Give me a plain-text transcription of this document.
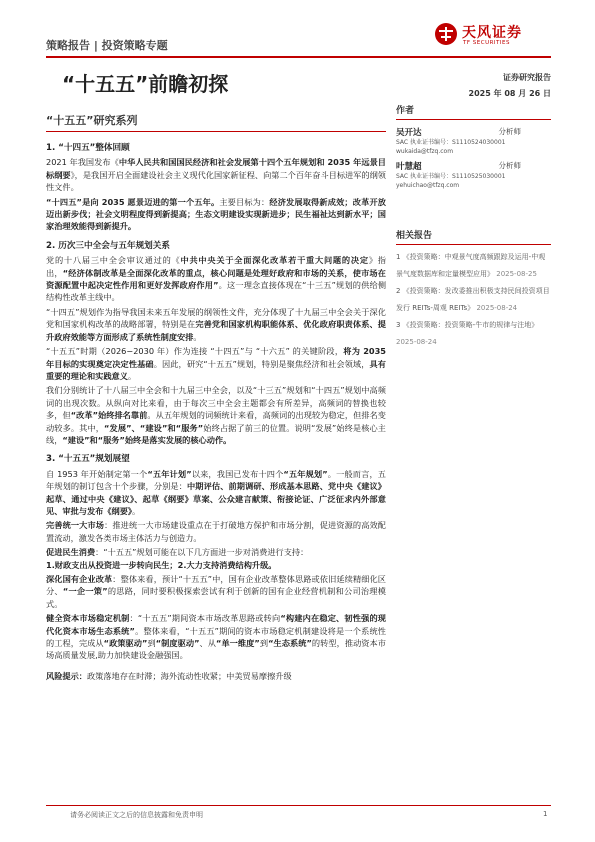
策略报告 | 投资策略专题
天风证券
TF SECURITIES
“十五五”前瞻初探	证券研究报告
2025 年 08 月 26 日
“十五五”研究系列
作者
吴开达	分析师
SAC 执业证书编号：S1110524030001
wukaida@tfzq.com
叶慧超	分析师
SAC 执业证书编号：S1110525030001
yehuichao@tfzq.com
相关报告
1 《投资策略：中观景气度高频跟踪及运用-中观景气度数据库和定量模型应用》 2025-08-25
2 《投资策略：发改委推出积极支持民间投资项目发行 REITs-周观 REITs》 2025-08-24
3 《投资策略：投资策略-牛市的规律与注地》 2025-08-24
1. “十四五”整体回顾

2021 年我国发布《中华人民共和国国民经济和社会发展第十四个五年规划和 2035 年远景目标纲要》，是我国开启全面建设社会主义现代化国家新征程、向第二个百年奋斗目标进军的纲领性文件。

“十四五”是向 2035 愿景迈进的第一个五年。主要目标为：经济发展取得新成效；改革开放迈出新步伐；社会文明程度得到新提高；生态文明建设实现新进步；民生福祉达到新水平；国家治理效能得到新提升。

2. 历次三中全会与五年规划关系

党的十八届三中全会审议通过的《中共中央关于全面深化改革若干重大问题的决定》指出，“经济体制改革是全面深化改革的重点，核心问题是处理好政府和市场的关系，使市场在资源配置中起决定性作用和更好发挥政府作用”。这一理念直接体现在“十三五”规划的供给侧结构性改革主线中。

“十四五”规划作为指导我国未来五年发展的纲领性文件，充分体现了十九届三中全会关于深化党和国家机构改革的战略部署，特别是在完善党和国家机构职能体系、优化政府职责体系、提升政府效能等方面形成了系统性制度安排。

“十五五”时期（2026−2030 年）作为连接 “十四五”与 “十六五” 的关键阶段，将为 2035 年目标的实现奠定决定性基础。因此，研究“十五五”规划，特别是聚焦经济和社会领域，具有重要的理论和实践意义。

我们分别统计了十八届三中全会和十九届三中全会，以及“十三五”规划和“十四五”规划中高频词的出现次数。从纵向对比来看，由于每次三中全会主题都会有所差异，高频词的替换也较多，但“改革”始终排名靠前。从五年规划的词频统计来看，高频词的出现较为稳定，但排名变动较多。其中，“发展”、“建设”和“服务”始终占据了前三的位置。说明“发展”始终是核心主线，“建设”和“服务”始终是落实发展的核心动作。

3. “十五五”规划展望

自 1953 年开始制定第一个“五年计划”以来，我国已发布十四个“五年规划”。一般而言，五年规划的制订包含十个步骤，分别是：中期评估、前期调研、形成基本思路、党中央《建议》起草、通过中央《建议》、起草《纲要》草案、公众建言献策、衔接论证、广泛征求内外部意见、审批与发布《纲要》。

完善统一大市场：推进统一大市场建设重点在于打破地方保护和市场分割，促进资源的高效配置流动，激发各类市场主体活力与创造力。

促进民生消费：“十五五”规划可能在以下几方面进一步对消费进行支持：
1.财政支出从投资进一步转向民生；2.大力支持消费结构升级。

深化国有企业改革：整体来看，预计“十五五”中，国有企业改革整体思路或依旧延续精细化区分、“一企一策”的思路，同时要积极探索尝试有利于创新的国有企业经营机制和公司治理模式。

健全资本市场稳定机制：“十五五”期间资本市场改革思路或转向“构建内在稳定、韧性强的现代化资本市场生态系统”。整体来看，“十五五”期间的资本市场稳定机制建设将是一个系统性的工程，完成从“政策驱动”到“制度驱动”、从“单一维度”到“生态系统”的转型，推动资本市场高质量发展,助力加快建设金融强国。

风险提示：政策落地存在时滞；海外流动性收紧；中美贸易摩擦升级

请务必阅读正文之后的信息披露和免责申明	1
